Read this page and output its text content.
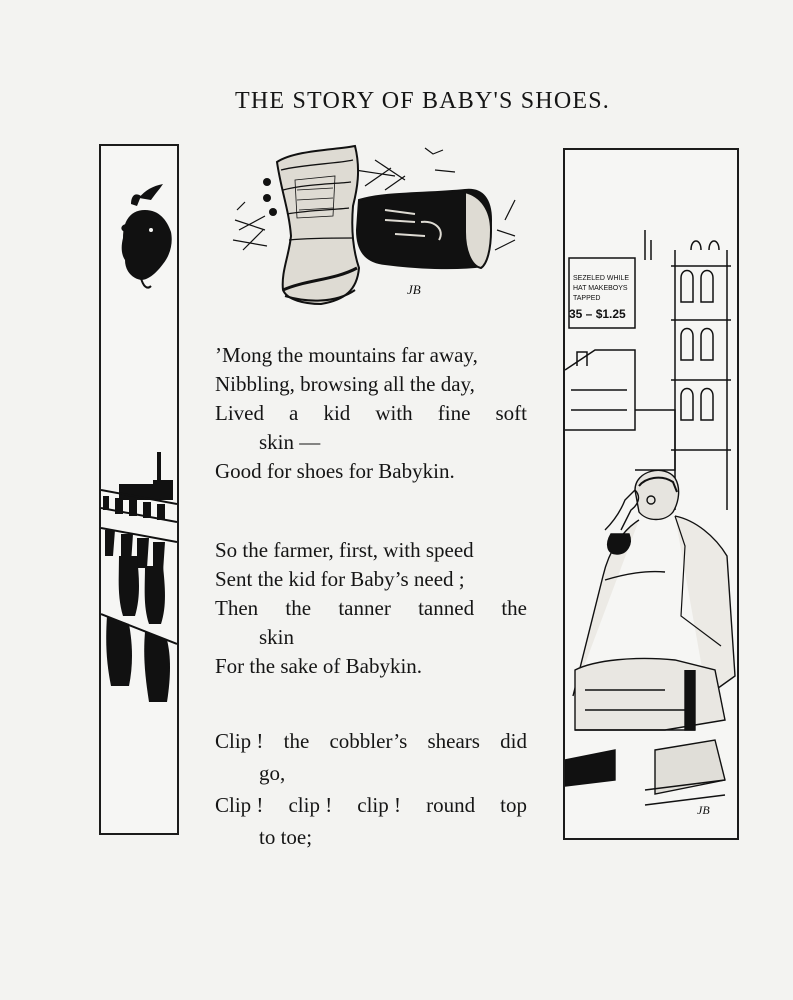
THE STORY OF BABY'S SHOES.
JB
’Mong the mountains far away,
Nibbling, browsing all the day,
Lived a kid with fine soft
skin —
Good for shoes for Babykin.
So the farmer, first, with speed
Sent the kid for Baby’s need ;
Then the tanner tanned the
skin
For the sake of Babykin.
Clip ! the cobbler’s shears did
go,
Clip ! clip ! clip ! round top
to toe;
SEZELED WHILE
HAT MAKEBOYS
TAPPED
35 – $1.25
JB
